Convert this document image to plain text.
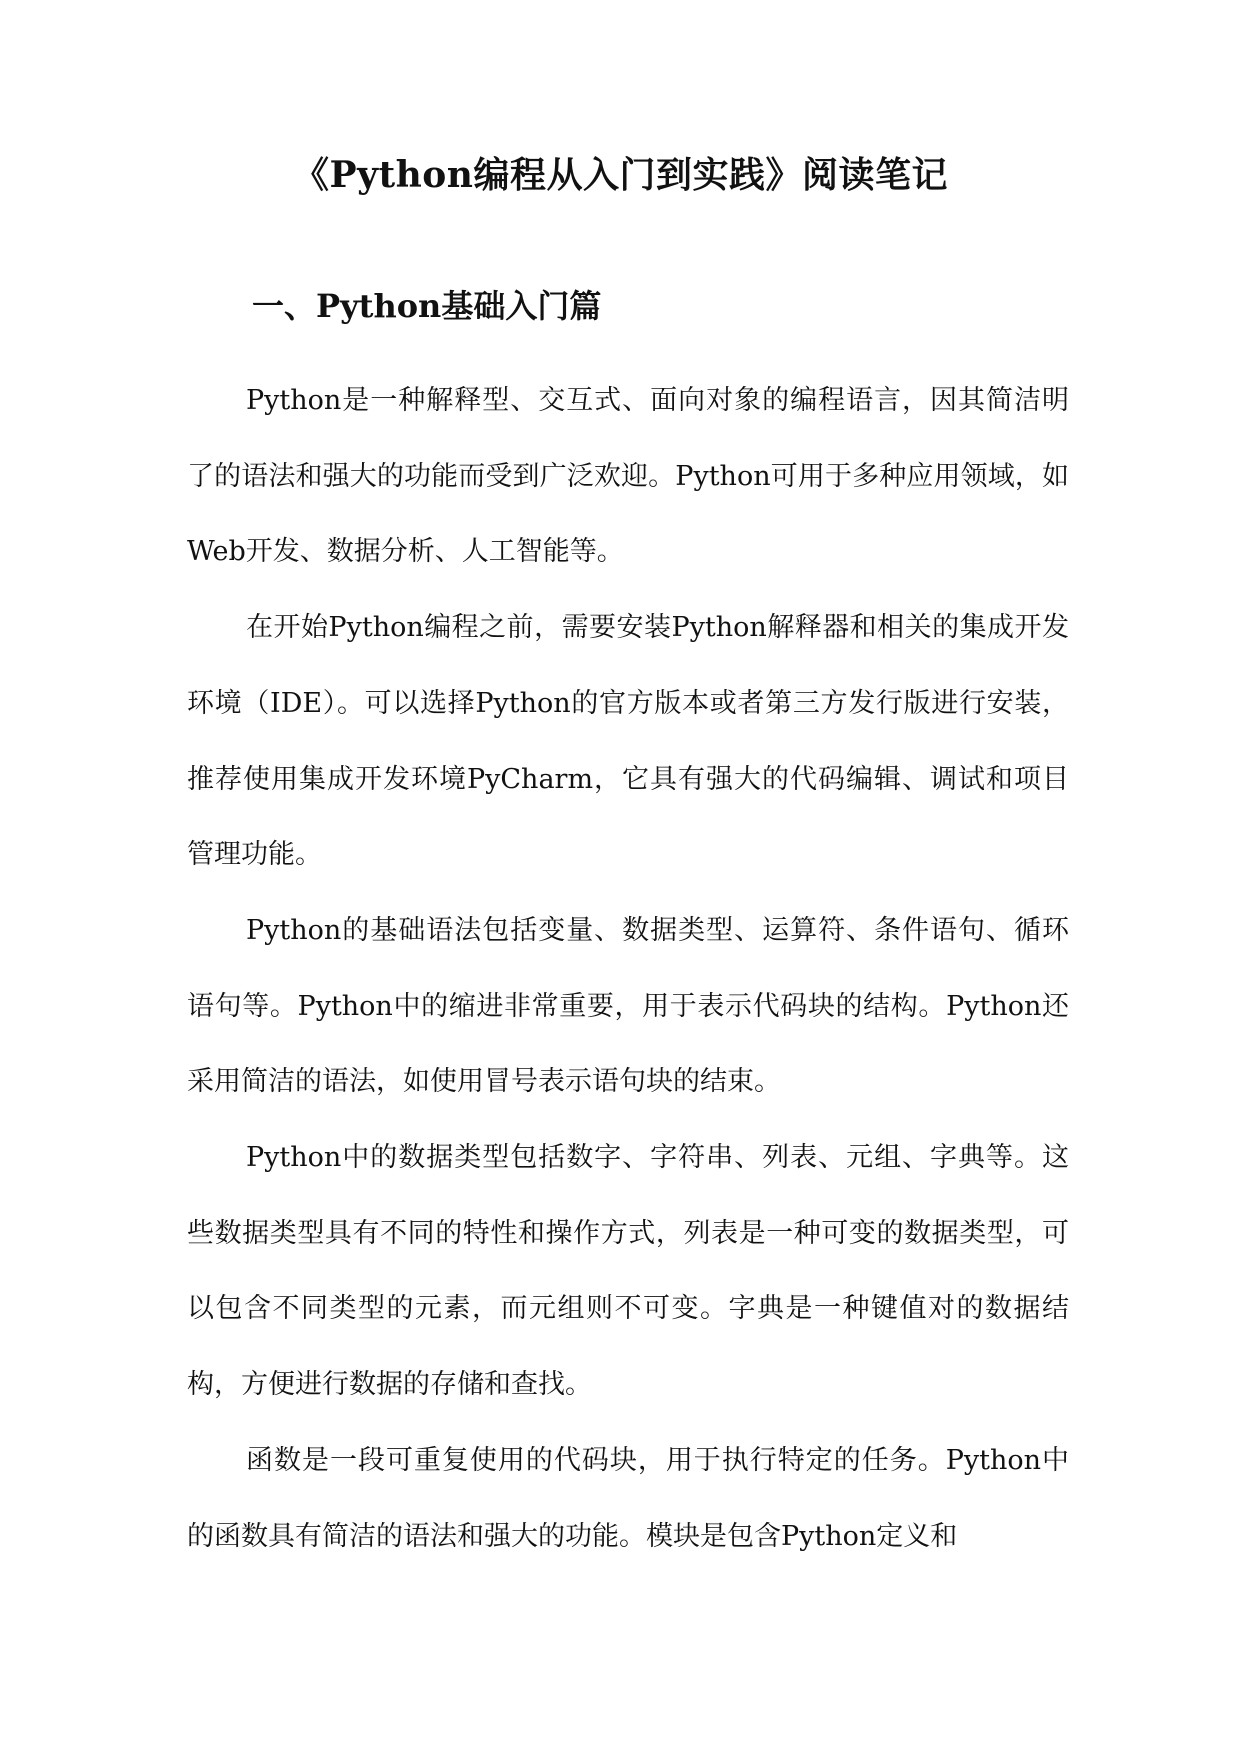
《Python编程从入门到实践》阅读笔记
一、Python基础入门篇

Python是一种解释型、交互式、面向对象的编程语言，因其简洁明了的语法和强大的功能而受到广泛欢迎。Python可用于多种应用领域，如Web开发、数据分析、人工智能等。

在开始Python编程之前，需要安装Python解释器和相关的集成开发环境（IDE）。可以选择Python的官方版本或者第三方发行版进行安装，推荐使用集成开发环境PyCharm，它具有强大的代码编辑、调试和项目管理功能。

Python的基础语法包括变量、数据类型、运算符、条件语句、循环语句等。Python中的缩进非常重要，用于表示代码块的结构。Python还采用简洁的语法，如使用冒号表示语句块的结束。

Python中的数据类型包括数字、字符串、列表、元组、字典等。这些数据类型具有不同的特性和操作方式，列表是一种可变的数据类型，可以包含不同类型的元素，而元组则不可变。字典是一种键值对的数据结构，方便进行数据的存储和查找。

函数是一段可重复使用的代码块，用于执行特定的任务。Python中的函数具有简洁的语法和强大的功能。模块是包含Python定义和
